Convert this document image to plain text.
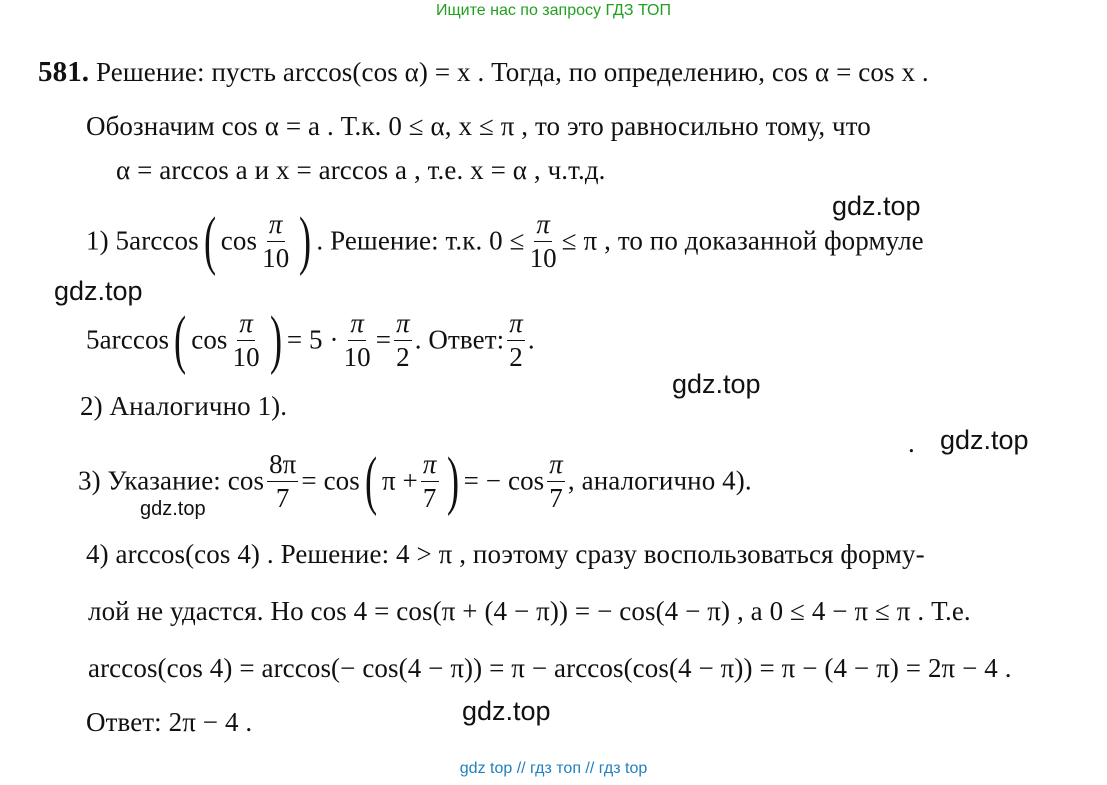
Ищите нас по запросу ГДЗ ТОП
581. Решение: пусть arccos(cos α) = x . Тогда, по определению, cos α = cos x .
Обозначим cos α = a . Т.к. 0 ≤ α, x ≤ π , то это равносильно тому, что
α = arccos a и x = arccos a , т.е. x = α , ч.т.д.
gdz.top
1) 5arccos( $\cos \frac{\pi}{10}$ ) . Решение: т.к. $0 \le \frac{\pi}{10} \le \pi$ , то по доказанной формуле
gdz.top
5arccos( $\cos \frac{\pi}{10}$ ) = $5 \cdot \frac{\pi}{10} = \frac{\pi}{2}$ . Ответ: $\frac{\pi}{2}$ .
gdz.top
2) Аналогично 1).
. gdz.top
3) Указание: $\cos \frac{8\pi}{7} = \cos$( $\pi + \frac{\pi}{7}$ ) = − $\cos \frac{\pi}{7}$ , аналогично 4).
gdz.top
4) arccos(cos 4) . Решение: 4 > π , поэтому сразу воспользоваться форму-
лой не удастся. Но cos 4 = cos(π + (4 − π)) = − cos(4 − π) , а 0 ≤ 4 − π ≤ π . Т.е.
arccos(cos 4) = arccos(− cos(4 − π)) = π − arccos(cos(4 − π)) = π − (4 − π) = 2π − 4 .
gdz.top
Ответ: 2π − 4 .
gdz top // гдз топ // гдз top
